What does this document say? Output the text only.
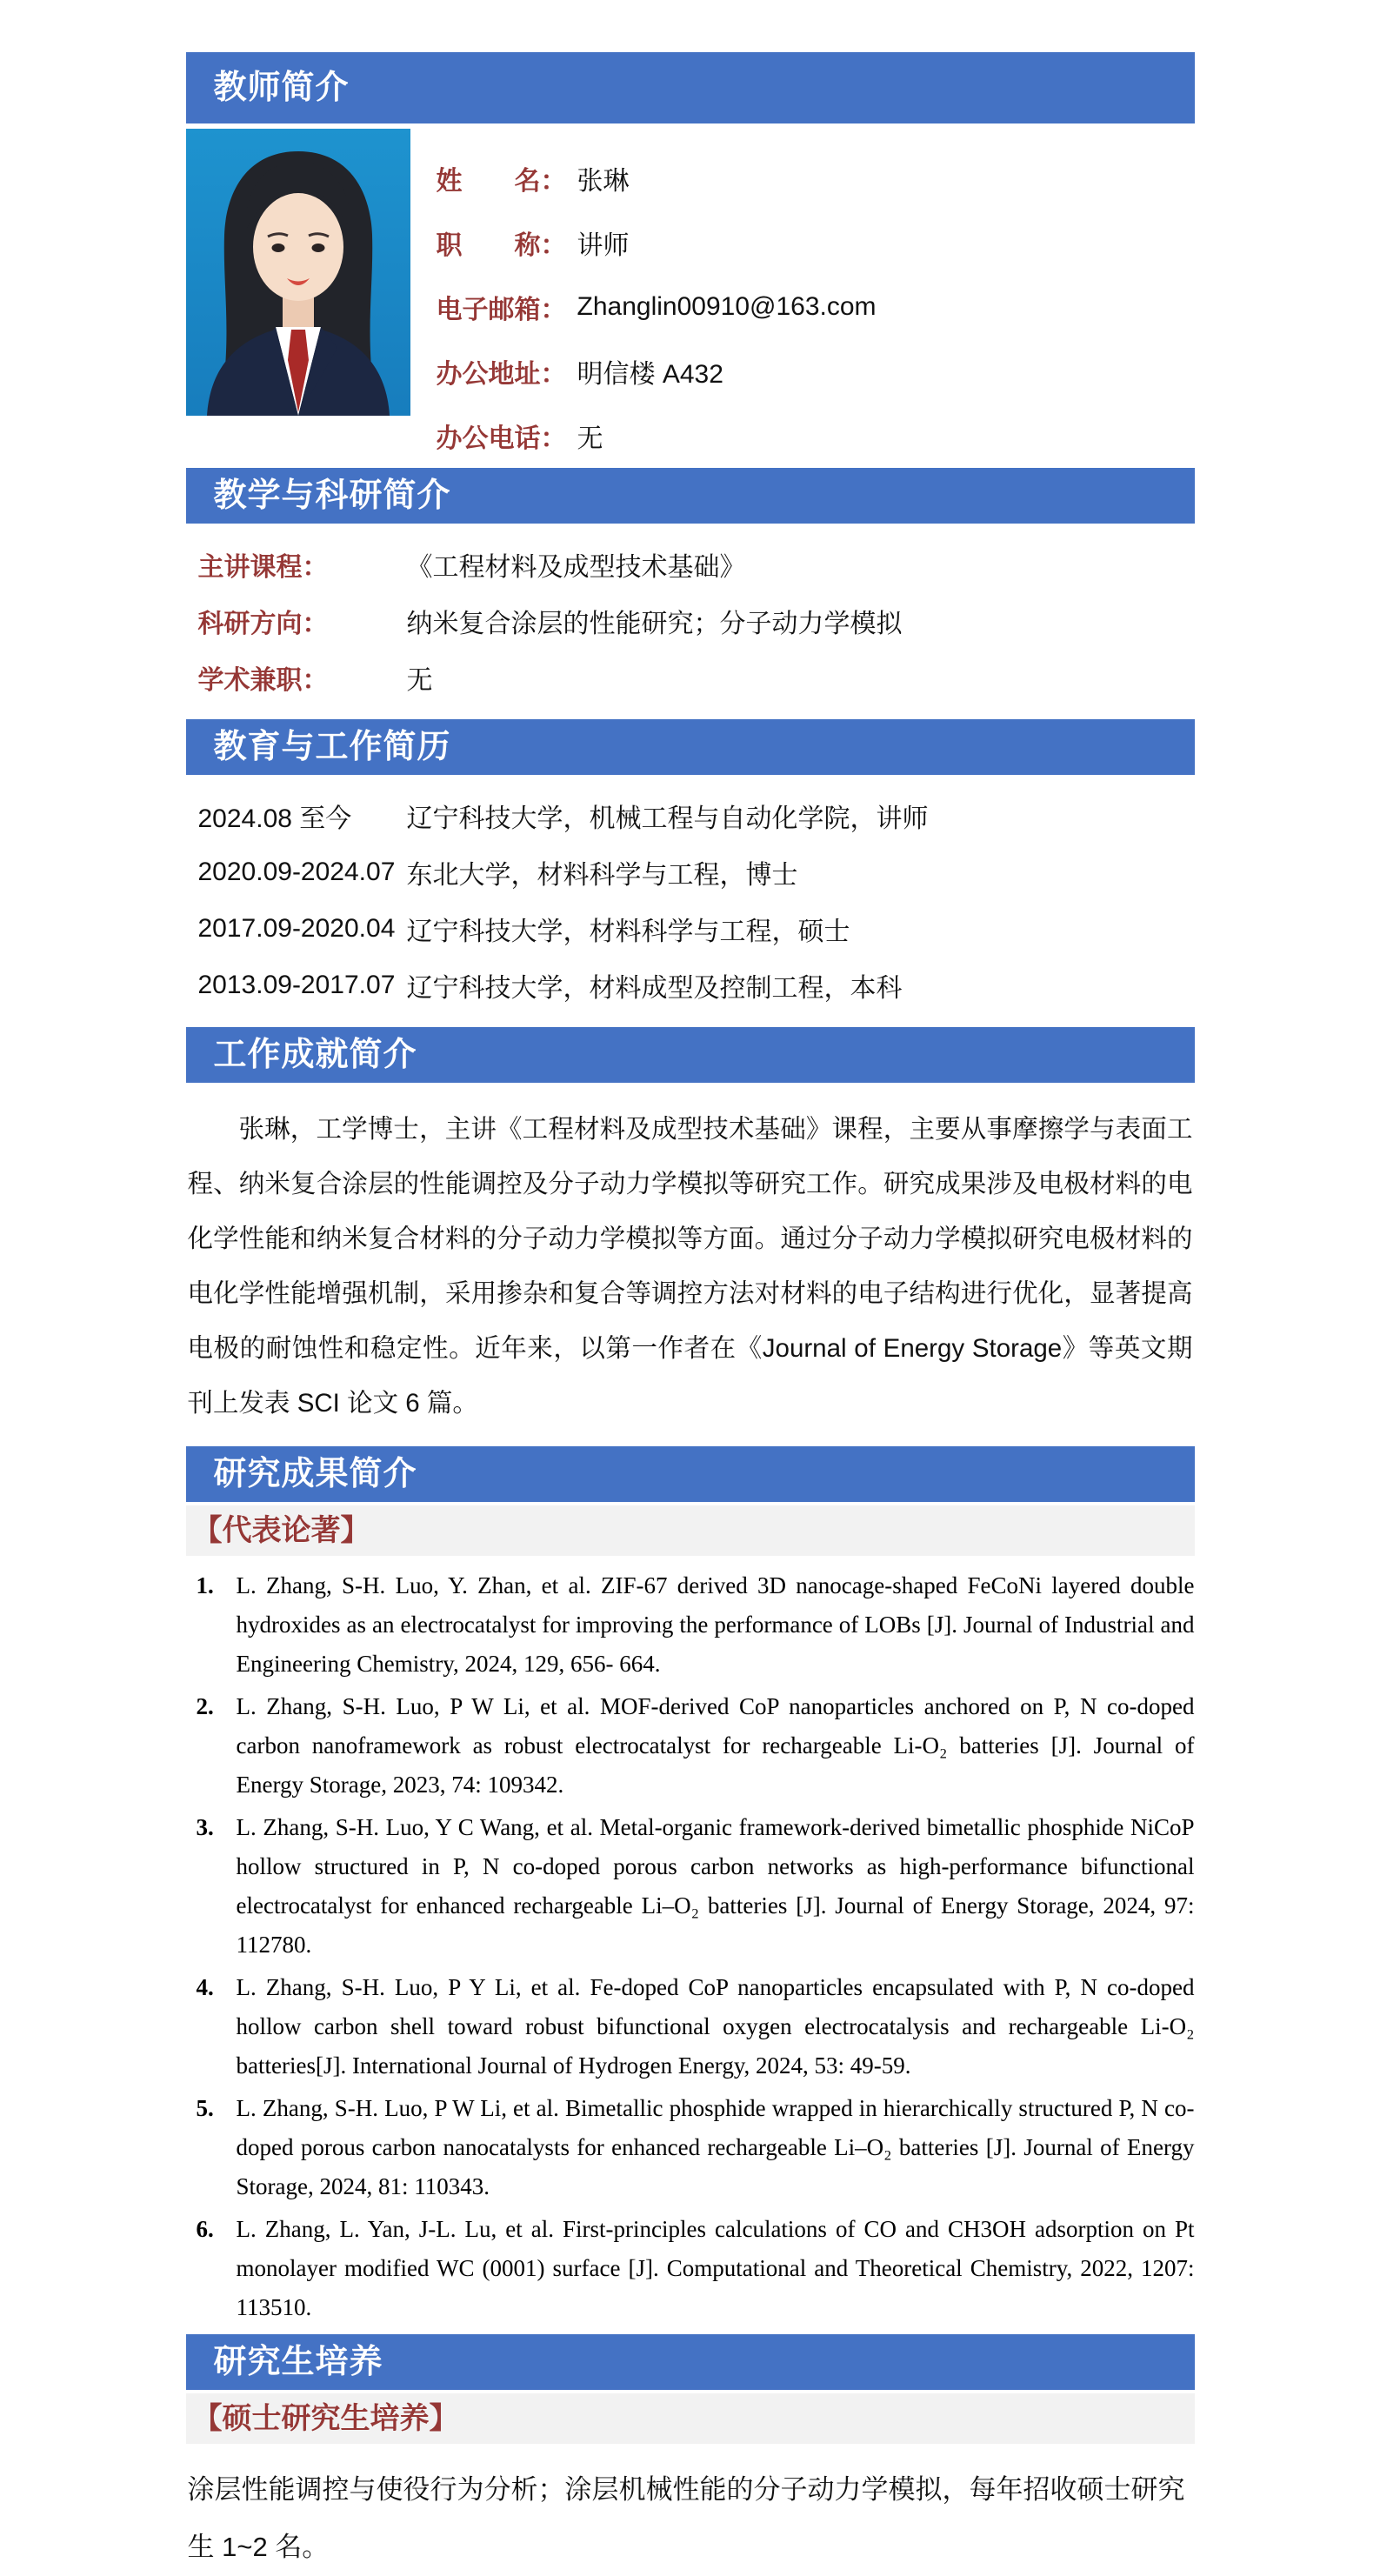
教师简介
姓　　名： 张琳
职　　称： 讲师
电子邮箱： Zhanglin00910@163.com
办公地址： 明信楼 A432
办公电话： 无
教学与科研简介
主讲课程：	《工程材料及成型技术基础》
科研方向：	纳米复合涂层的性能研究；分子动力学模拟
学术兼职：	无
教育与工作简历
2024.08 至今	辽宁科技大学，机械工程与自动化学院，讲师
2020.09-2024.07 东北大学，材料科学与工程，博士
2017.09-2020.04 辽宁科技大学，材料科学与工程，硕士
2013.09-2017.07 辽宁科技大学，材料成型及控制工程，本科
工作成就简介

张琳，工学博士，主讲《工程材料及成型技术基础》课程，主要从事摩擦学与表面工程、纳米复合涂层的性能调控及分子动力学模拟等研究工作。研究成果涉及电极材料的电化学性能和纳米复合材料的分子动力学模拟等方面。通过分子动力学模拟研究电极材料的电化学性能增强机制，采用掺杂和复合等调控方法对材料的电子结构进行优化，显著提高电极的耐蚀性和稳定性。近年来，以第一作者在《Journal of Energy Storage》等英文期刊上发表 SCI 论文 6 篇。

研究成果简介
【代表论著】
1. L. Zhang, S-H. Luo, Y. Zhan, et al. ZIF-67 derived 3D nanocage-shaped FeCoNi layered double hydroxides as an electrocatalyst for improving the performance of LOBs [J]. Journal of Industrial and Engineering Chemistry, 2024, 129, 656- 664.
2. L. Zhang, S-H. Luo, P W Li, et al. MOF-derived CoP nanoparticles anchored on P, N co-doped carbon nanoframework as robust electrocatalyst for rechargeable Li-O₂ batteries [J]. Journal of Energy Storage, 2023, 74: 109342.
3. L. Zhang, S-H. Luo, Y C Wang, et al. Metal-organic framework-derived bimetallic phosphide NiCoP hollow structured in P, N co-doped porous carbon networks as high-performance bifunctional electrocatalyst for enhanced rechargeable Li–O₂ batteries [J]. Journal of Energy Storage, 2024, 97: 112780.
4. L. Zhang, S-H. Luo, P Y Li, et al. Fe-doped CoP nanoparticles encapsulated with P, N co-doped hollow carbon shell toward robust bifunctional oxygen electrocatalysis and rechargeable Li-O₂ batteries[J]. International Journal of Hydrogen Energy, 2024, 53: 49-59.
5. L. Zhang, S-H. Luo, P W Li, et al. Bimetallic phosphide wrapped in hierarchically structured P, N co-doped porous carbon nanocatalysts for enhanced rechargeable Li–O₂ batteries [J]. Journal of Energy Storage, 2024, 81: 110343.
6. L. Zhang, L. Yan, J-L. Lu, et al. First-principles calculations of CO and CH3OH adsorption on Pt monolayer modified WC (0001) surface [J]. Computational and Theoretical Chemistry, 2022, 1207: 113510.
研究生培养
【硕士研究生培养】

涂层性能调控与使役行为分析；涂层机械性能的分子动力学模拟，每年招收硕士研究生 1~2 名。
